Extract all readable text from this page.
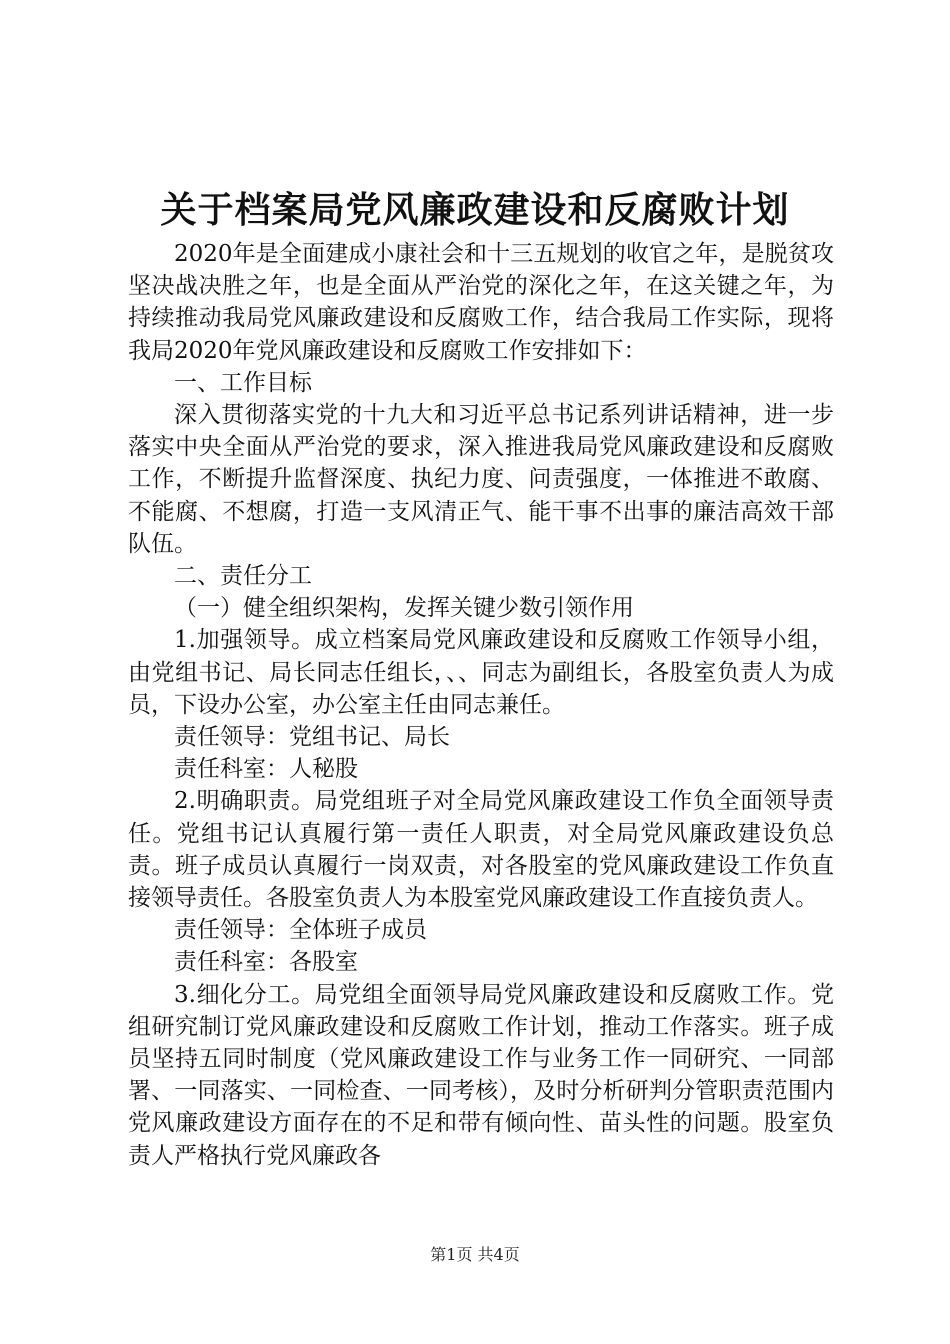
关于档案局党风廉政建设和反腐败计划

2020年是全面建成小康社会和十三五规划的收官之年，是脱贫攻坚决战决胜之年，也是全面从严治党的深化之年，在这关键之年，为持续推动我局党风廉政建设和反腐败工作，结合我局工作实际，现将我局2020年党风廉政建设和反腐败工作安排如下：

一、工作目标

深入贯彻落实党的十九大和习近平总书记系列讲话精神，进一步落实中央全面从严治党的要求，深入推进我局党风廉政建设和反腐败工作，不断提升监督深度、执纪力度、问责强度，一体推进不敢腐、不能腐、不想腐，打造一支风清正气、能干事不出事的廉洁高效干部队伍。

二、责任分工

（一）健全组织架构，发挥关键少数引领作用

1.加强领导。成立档案局党风廉政建设和反腐败工作领导小组，由党组书记、局长同志任组长，、、同志为副组长，各股室负责人为成员，下设办公室，办公室主任由同志兼任。

责任领导：党组书记、局长

责任科室：人秘股

2.明确职责。局党组班子对全局党风廉政建设工作负全面领导责任。党组书记认真履行第一责任人职责，对全局党风廉政建设负总责。班子成员认真履行一岗双责，对各股室的党风廉政建设工作负直接领导责任。各股室负责人为本股室党风廉政建设工作直接负责人。

责任领导：全体班子成员

责任科室：各股室

3.细化分工。局党组全面领导局党风廉政建设和反腐败工作。党组研究制订党风廉政建设和反腐败工作计划，推动工作落实。班子成员坚持五同时制度（党风廉政建设工作与业务工作一同研究、一同部署、一同落实、一同检查、一同考核），及时分析研判分管职责范围内党风廉政建设方面存在的不足和带有倾向性、苗头性的问题。股室负责人严格执行党风廉政各

第1页 共4页
